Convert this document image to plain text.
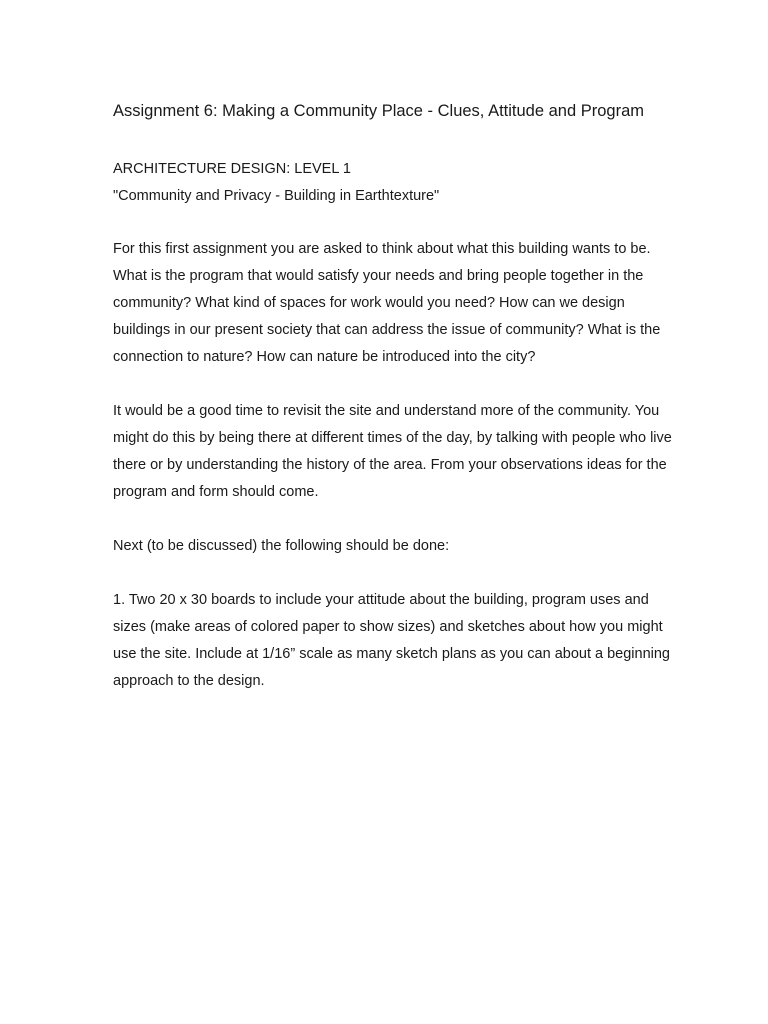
Assignment 6: Making a Community Place - Clues, Attitude and Program

ARCHITECTURE DESIGN: LEVEL 1

"Community and Privacy - Building in Earthtexture"

For this first assignment you are asked to think about what this building wants to be. What is the program that would satisfy your needs and bring people together in the community? What kind of spaces for work would you need? How can we design buildings in our present society that can address the issue of community? What is the connection to nature? How can nature be introduced into the city?

It would be a good time to revisit the site and understand more of the community. You might do this by being there at different times of the day, by talking with people who live there or by understanding the history of the area. From your observations ideas for the program and form should come.

Next (to be discussed) the following should be done:

1. Two 20 x 30 boards to include your attitude about the building, program uses and sizes (make areas of colored paper to show sizes) and sketches about how you might use the site. Include at 1/16” scale as many sketch plans as you can about a beginning approach to the design.
